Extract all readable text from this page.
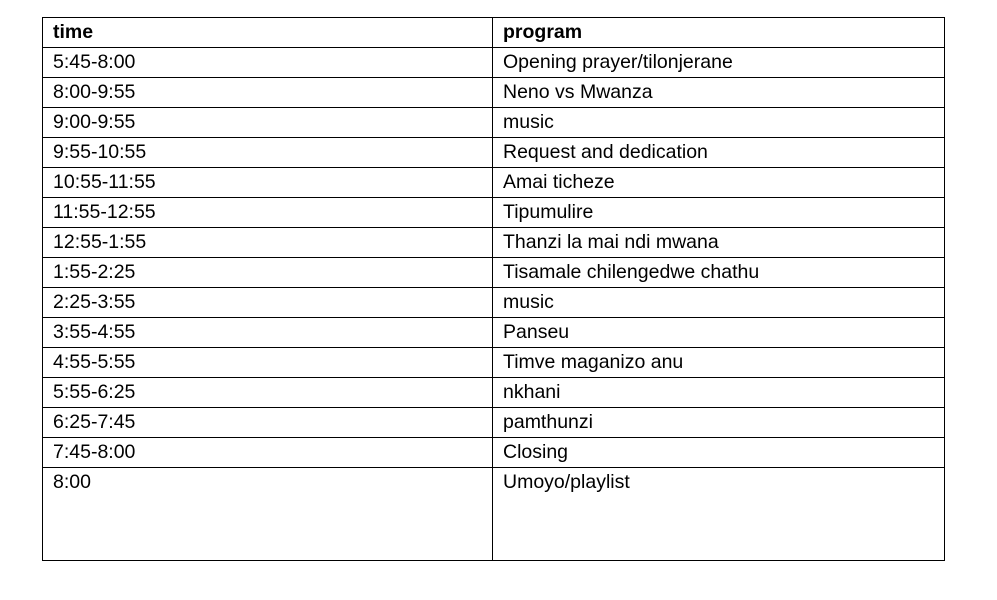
time	program
5:45-8:00	Opening prayer/tilonjerane
8:00-9:55	Neno vs Mwanza
9:00-9:55	music
9:55-10:55	Request and dedication
10:55-11:55	Amai ticheze
11:55-12:55	Tipumulire
12:55-1:55	Thanzi la mai ndi mwana
1:55-2:25	Tisamale chilengedwe chathu
2:25-3:55	music
3:55-4:55	Panseu
4:55-5:55	Timve maganizo anu
5:55-6:25	nkhani
6:25-7:45	pamthunzi
7:45-8:00	Closing
8:00	Umoyo/playlist
